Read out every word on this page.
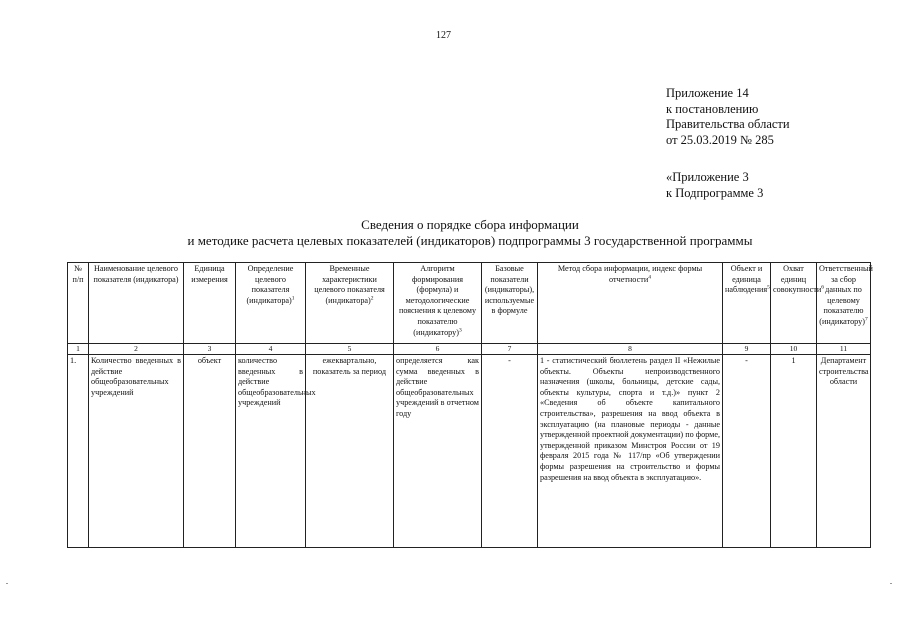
127
Приложение 14
к постановлению
Правительства области
от 25.03.2019 № 285
«Приложение 3
к Подпрограмме 3
Сведения о порядке сбора информации
и методике расчета целевых показателей (индикаторов) подпрограммы 3 государственной программы
№ п/п	Наименование целевого показателя (индикатора)	Единица измерения	Определение целевого показателя (индикатора)$^1$	Временные характеристики целевого показателя (индикатора)$^2$	Алгоритм формирования (формула) и методологические пояснения к целевому показателю (индикатору)$^3$	Базовые показатели (индикаторы), используемые в формуле	Метод сбора информации, индекс формы отчетности$^4$	Объект и единица наблюдения$^5$	Охват единиц совокупности$^6$	Ответственный за сбор данных по целевому показателю (индикатору)$^7$
1	2	3	4	5	6	7	8	9	10	11
1.	Количество введенных в действие общеобразовательных учреждений	объект	количество введенных в действие общеобразовательных учреждений	ежеквартально, показатель за период	определяется как сумма введенных в действие общеобразовательных учреждений в отчетном году	-	1 - статистический бюллетень раздел II «Нежилые объекты. Объекты непроизводственного назначения (школы, больницы, детские сады, объекты культуры, спорта и т.д.)» пункт 2 «Сведения об объекте капитального строительства», разрешения на ввод объекта в эксплуатацию (на плановые периоды - данные утвержденной проектной документации) по форме, утвержденной приказом Минстроя России от 19 февраля 2015 года № 117/пр «Об утверждении формы разрешения на строительство и формы разрешения на ввод объекта в эксплуатацию».	-	1	Департамент строительства области
